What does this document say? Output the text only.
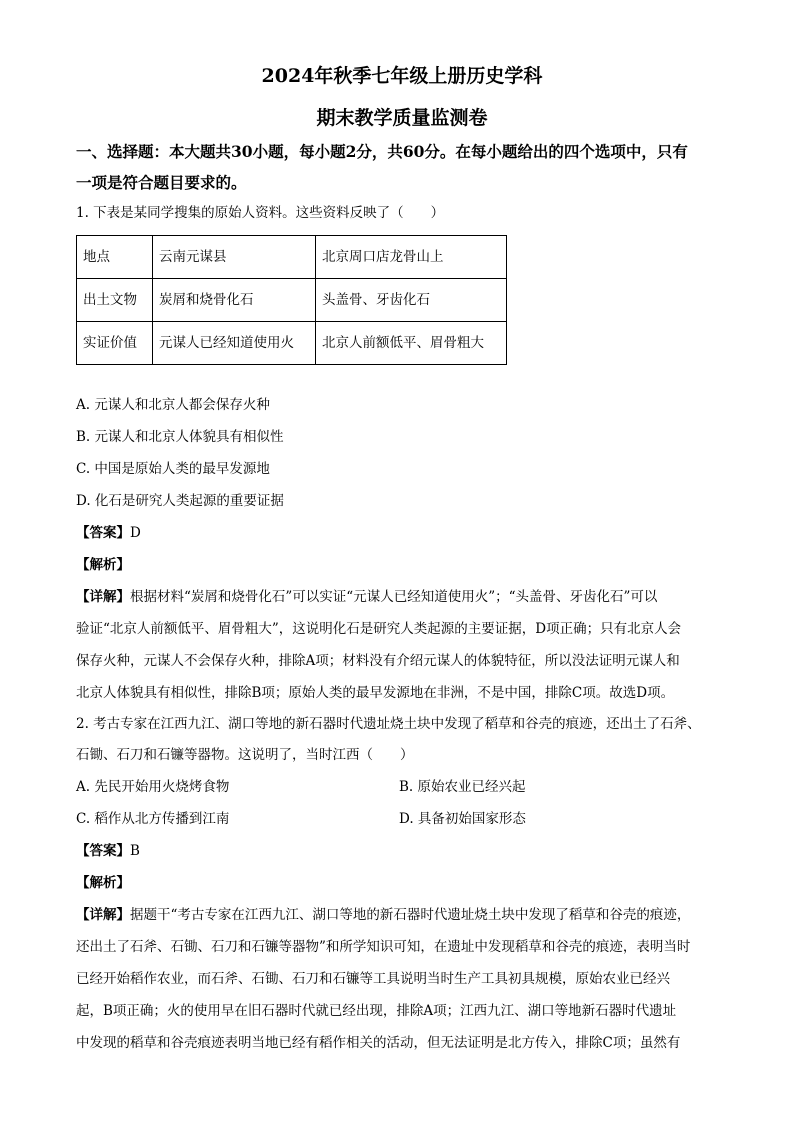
2024年秋季七年级上册历史学科
期末教学质量监测卷
一、选择题：本大题共30小题，每小题2分，共60分。在每小题给出的四个选项中，只有
一项是符合题目要求的。
1. 下表是某同学搜集的原始人资料。这些资料反映了（　　）
地点	云南元谋县	北京周口店龙骨山上
出土文物	炭屑和烧骨化石	头盖骨、牙齿化石
实证价值	元谋人已经知道使用火	北京人前额低平、眉骨粗大
A. 元谋人和北京人都会保存火种
B. 元谋人和北京人体貌具有相似性
C. 中国是原始人类的最早发源地
D. 化石是研究人类起源的重要证据
【答案】D
【解析】
【详解】根据材料“炭屑和烧骨化石”可以实证“元谋人已经知道使用火”；“头盖骨、牙齿化石”可以
验证“北京人前额低平、眉骨粗大”，这说明化石是研究人类起源的主要证据，D项正确；只有北京人会
保存火种，元谋人不会保存火种，排除A项；材料没有介绍元谋人的体貌特征，所以没法证明元谋人和
北京人体貌具有相似性，排除B项；原始人类的最早发源地在非洲，不是中国，排除C项。故选D项。
2. 考古专家在江西九江、湖口等地的新石器时代遗址烧土块中发现了稻草和谷壳的痕迹，还出土了石斧、
石锄、石刀和石镰等器物。这说明了，当时江西（　　）
A. 先民开始用火烧烤食物	B. 原始农业已经兴起
C. 稻作从北方传播到江南	D. 具备初始国家形态
【答案】B
【解析】
【详解】据题干“考古专家在江西九江、湖口等地的新石器时代遗址烧土块中发现了稻草和谷壳的痕迹，
还出土了石斧、石锄、石刀和石镰等器物”和所学知识可知，在遗址中发现稻草和谷壳的痕迹，表明当时
已经开始稻作农业，而石斧、石锄、石刀和石镰等工具说明当时生产工具初具规模，原始农业已经兴
起，B项正确；火的使用早在旧石器时代就已经出现，排除A项；江西九江、湖口等地新石器时代遗址
中发现的稻草和谷壳痕迹表明当地已经有稻作相关的活动，但无法证明是北方传入，排除C项；虽然有
